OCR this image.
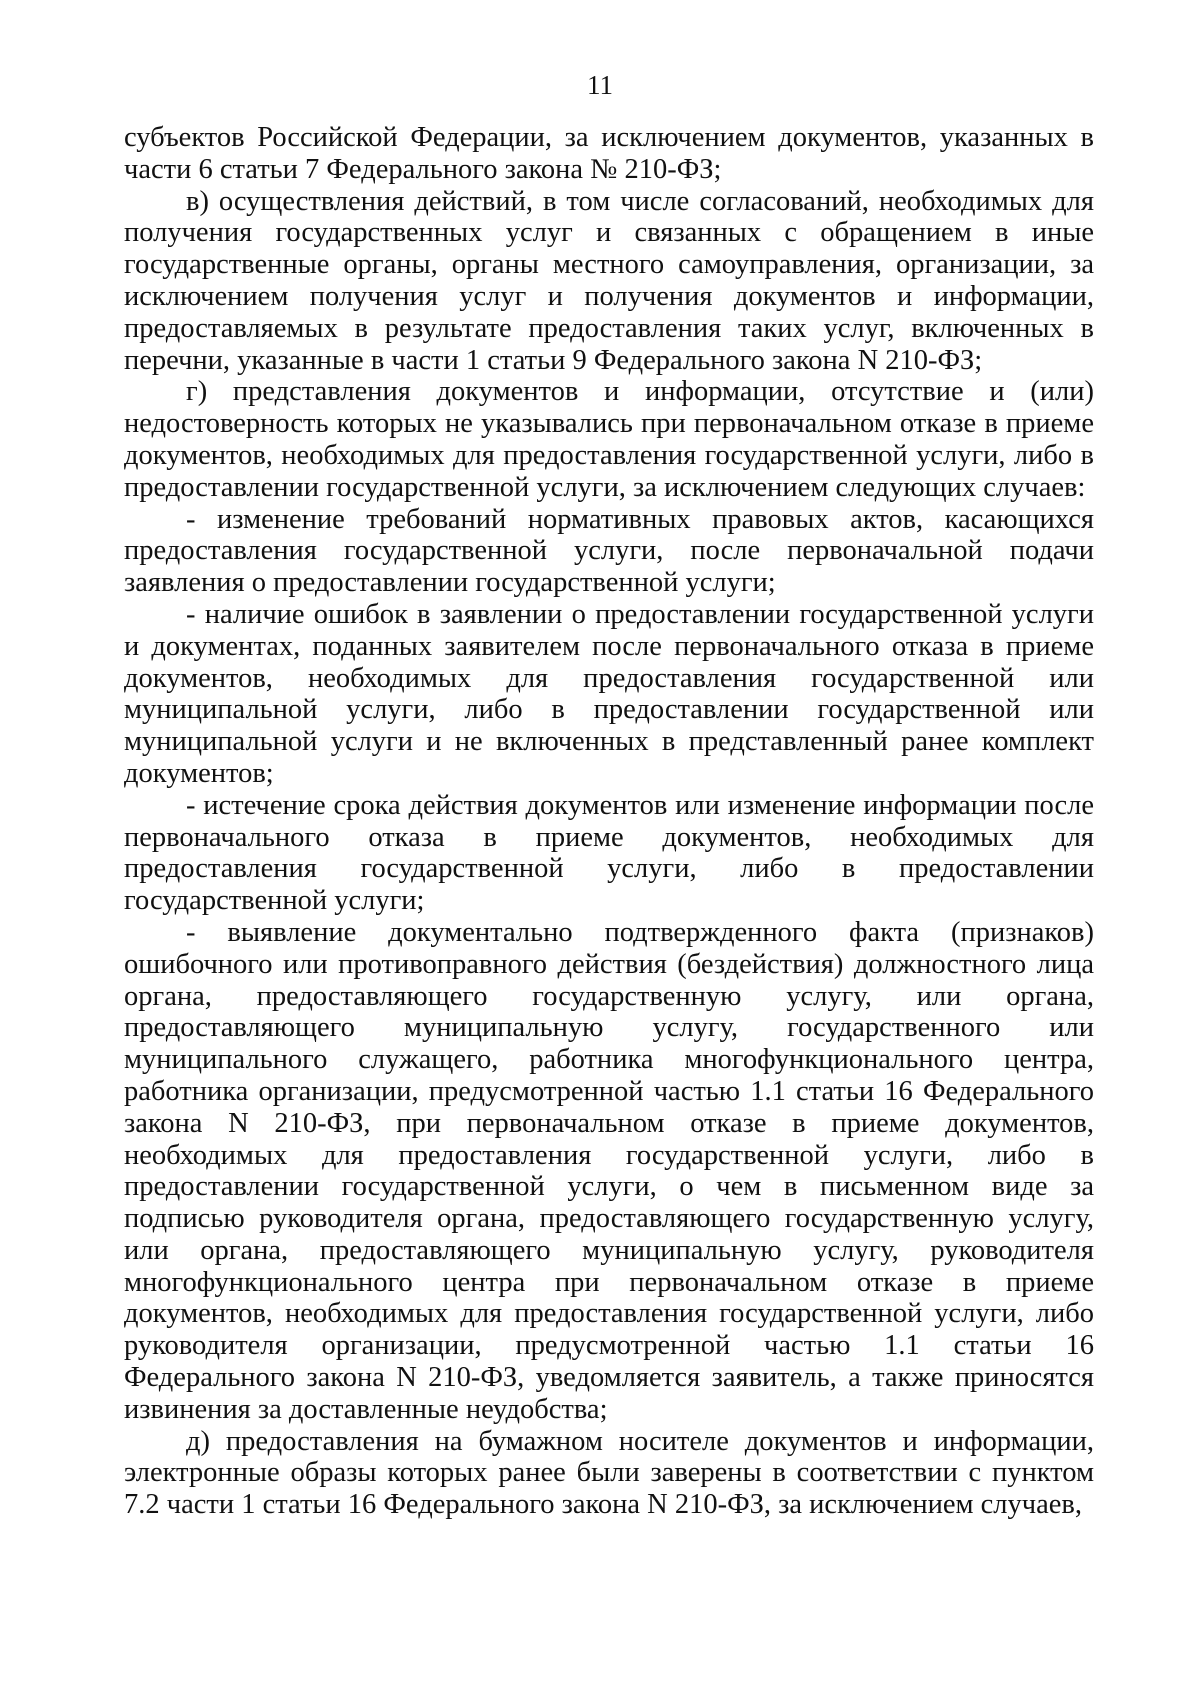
11

субъектов Российской Федерации, за исключением документов, указанных в части 6 статьи 7 Федерального закона № 210-ФЗ;

в) осуществления действий, в том числе согласований, необходимых для получения государственных услуг и связанных с обращением в иные государственные органы, органы местного самоуправления, организации, за исключением получения услуг и получения документов и информации, предоставляемых в результате предоставления таких услуг, включенных в перечни, указанные в части 1 статьи 9 Федерального закона N 210-ФЗ;

г) представления документов и информации, отсутствие и (или) недостоверность которых не указывались при первоначальном отказе в приеме документов, необходимых для предоставления государственной услуги, либо в предоставлении государственной услуги, за исключением следующих случаев:

- изменение требований нормативных правовых актов, касающихся предоставления государственной услуги, после первоначальной подачи заявления о предоставлении государственной услуги;

- наличие ошибок в заявлении о предоставлении государственной услуги и документах, поданных заявителем после первоначального отказа в приеме документов, необходимых для предоставления государственной или муниципальной услуги, либо в предоставлении государственной или муниципальной услуги и не включенных в представленный ранее комплект документов;

- истечение срока действия документов или изменение информации после первоначального отказа в приеме документов, необходимых для предоставления государственной услуги, либо в предоставлении государственной услуги;

- выявление документально подтвержденного факта (признаков) ошибочного или противоправного действия (бездействия) должностного лица органа, предоставляющего государственную услугу, или органа, предоставляющего муниципальную услугу, государственного или муниципального служащего, работника многофункционального центра, работника организации, предусмотренной частью 1.1 статьи 16 Федерального закона N 210-ФЗ, при первоначальном отказе в приеме документов, необходимых для предоставления государственной услуги, либо в предоставлении государственной услуги, о чем в письменном виде за подписью руководителя органа, предоставляющего государственную услугу, или органа, предоставляющего муниципальную услугу, руководителя многофункционального центра при первоначальном отказе в приеме документов, необходимых для предоставления государственной услуги, либо руководителя организации, предусмотренной частью 1.1 статьи 16 Федерального закона N 210-ФЗ, уведомляется заявитель, а также приносятся извинения за доставленные неудобства;

д) предоставления на бумажном носителе документов и информации, электронные образы которых ранее были заверены в соответствии с пунктом 7.2 части 1 статьи 16 Федерального закона N 210-ФЗ, за исключением случаев,
